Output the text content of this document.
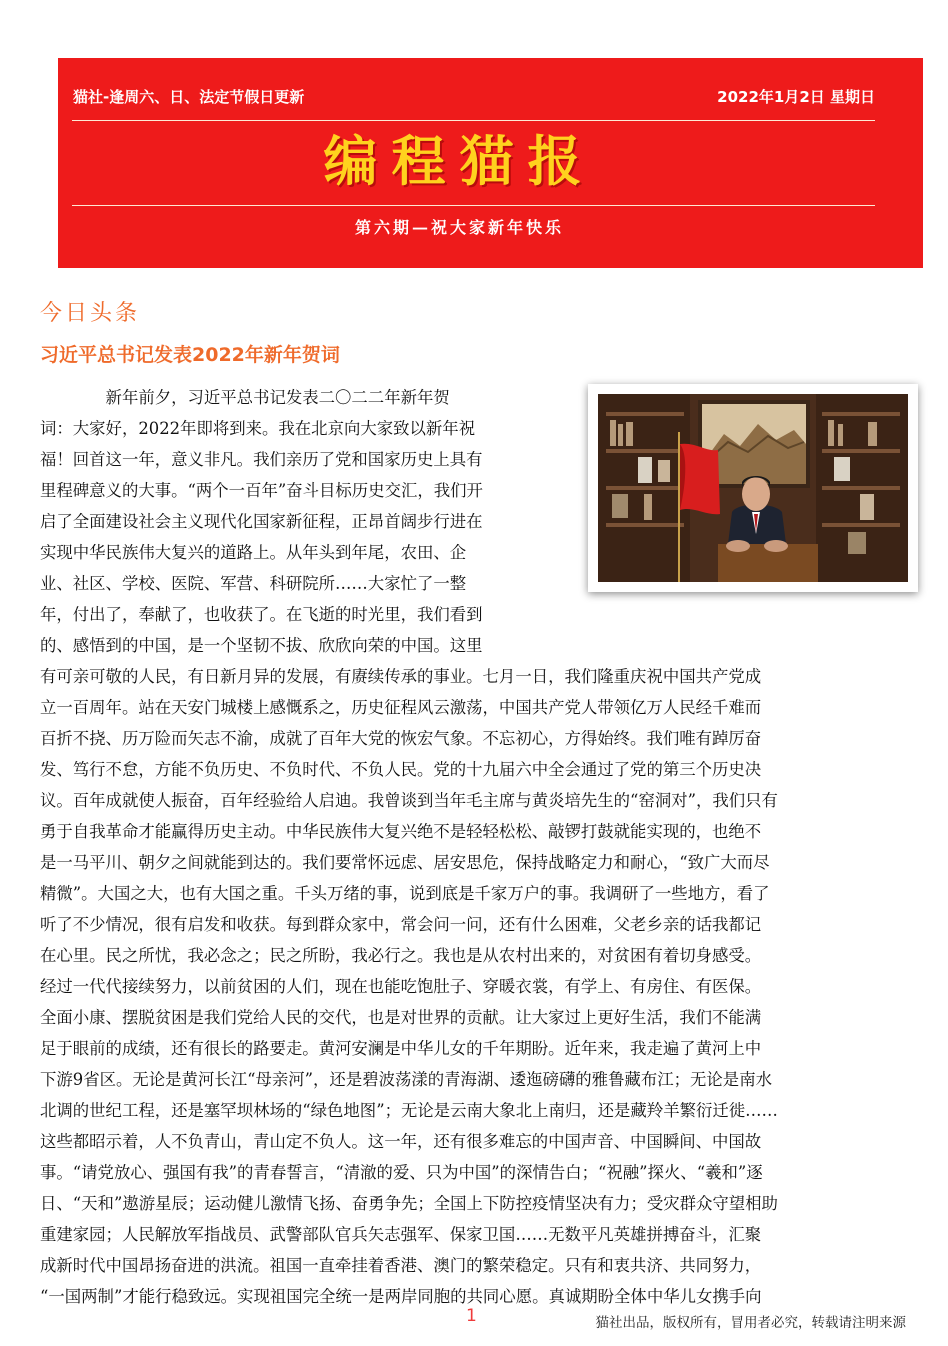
猫社-逢周六、日、法定节假日更新	2022年1月2日 星期日
编程猫报
第六期—祝大家新年快乐
今日头条
习近平总书记发表2022年新年贺词
　　　　新年前夕，习近平总书记发表二〇二二年新年贺
词：大家好，2022年即将到来。我在北京向大家致以新年祝
福！回首这一年，意义非凡。我们亲历了党和国家历史上具有
里程碑意义的大事。“两个一百年”奋斗目标历史交汇，我们开
启了全面建设社会主义现代化国家新征程，正昂首阔步行进在
实现中华民族伟大复兴的道路上。从年头到年尾，农田、企
业、社区、学校、医院、军营、科研院所……大家忙了一整
年，付出了，奉献了，也收获了。在飞逝的时光里，我们看到
的、感悟到的中国，是一个坚韧不拔、欣欣向荣的中国。这里
有可亲可敬的人民，有日新月异的发展，有赓续传承的事业。七月一日，我们隆重庆祝中国共产党成
立一百周年。站在天安门城楼上感慨系之，历史征程风云激荡，中国共产党人带领亿万人民经千难而
百折不挠、历万险而矢志不渝，成就了百年大党的恢宏气象。不忘初心，方得始终。我们唯有踔厉奋
发、笃行不怠，方能不负历史、不负时代、不负人民。党的十九届六中全会通过了党的第三个历史决
议。百年成就使人振奋，百年经验给人启迪。我曾谈到当年毛主席与黄炎培先生的“窑洞对”，我们只有
勇于自我革命才能赢得历史主动。中华民族伟大复兴绝不是轻轻松松、敲锣打鼓就能实现的，也绝不
是一马平川、朝夕之间就能到达的。我们要常怀远虑、居安思危，保持战略定力和耐心，“致广大而尽
精微”。大国之大，也有大国之重。千头万绪的事，说到底是千家万户的事。我调研了一些地方，看了
听了不少情况，很有启发和收获。每到群众家中，常会问一问，还有什么困难，父老乡亲的话我都记
在心里。民之所忧，我必念之；民之所盼，我必行之。我也是从农村出来的，对贫困有着切身感受。
经过一代代接续努力，以前贫困的人们，现在也能吃饱肚子、穿暖衣裳，有学上、有房住、有医保。
全面小康、摆脱贫困是我们党给人民的交代，也是对世界的贡献。让大家过上更好生活，我们不能满
足于眼前的成绩，还有很长的路要走。黄河安澜是中华儿女的千年期盼。近年来，我走遍了黄河上中
下游9省区。无论是黄河长江“母亲河”，还是碧波荡漾的青海湖、逶迤磅礴的雅鲁藏布江；无论是南水
北调的世纪工程，还是塞罕坝林场的“绿色地图”；无论是云南大象北上南归，还是藏羚羊繁衍迁徙……
这些都昭示着，人不负青山，青山定不负人。这一年，还有很多难忘的中国声音、中国瞬间、中国故
事。“请党放心、强国有我”的青春誓言，“清澈的爱、只为中国”的深情告白；“祝融”探火、“羲和”逐
日、“天和”遨游星辰；运动健儿激情飞扬、奋勇争先；全国上下防控疫情坚决有力；受灾群众守望相助
重建家园；人民解放军指战员、武警部队官兵矢志强军、保家卫国……无数平凡英雄拼搏奋斗，汇聚
成新时代中国昂扬奋进的洪流。祖国一直牵挂着香港、澳门的繁荣稳定。只有和衷共济、共同努力，
“一国两制”才能行稳致远。实现祖国完全统一是两岸同胞的共同心愿。真诚期盼全体中华儿女携手向
1	猫社出品，版权所有，冒用者必究，转载请注明来源
